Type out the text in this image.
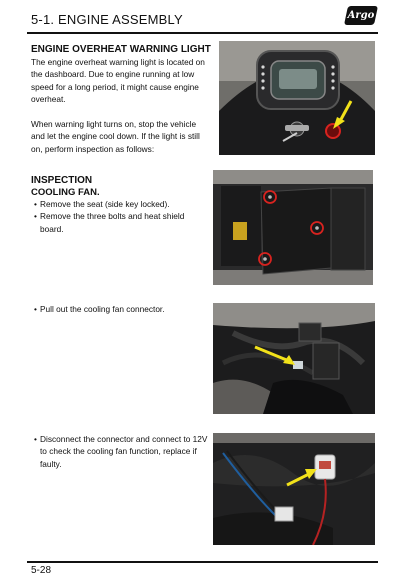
5-1. ENGINE ASSEMBLY	Argo
ENGINE OVERHEAT WARNING LIGHT
The engine overheat warning light is located on the dashboard. Due to engine running at low speed for a long period, it might cause engine overheat.
When warning light turns on, stop the vehicle and let the engine cool down. If the light is still on, perform inspection as follows:
INSPECTION
COOLING FAN.
• Remove the seat (side key locked).
• Remove the three bolts and heat shield board.
• Pull out the cooling fan connector.
• Disconnect the connector and connect to 12V to check the cooling fan function, replace if faulty.
5-28
